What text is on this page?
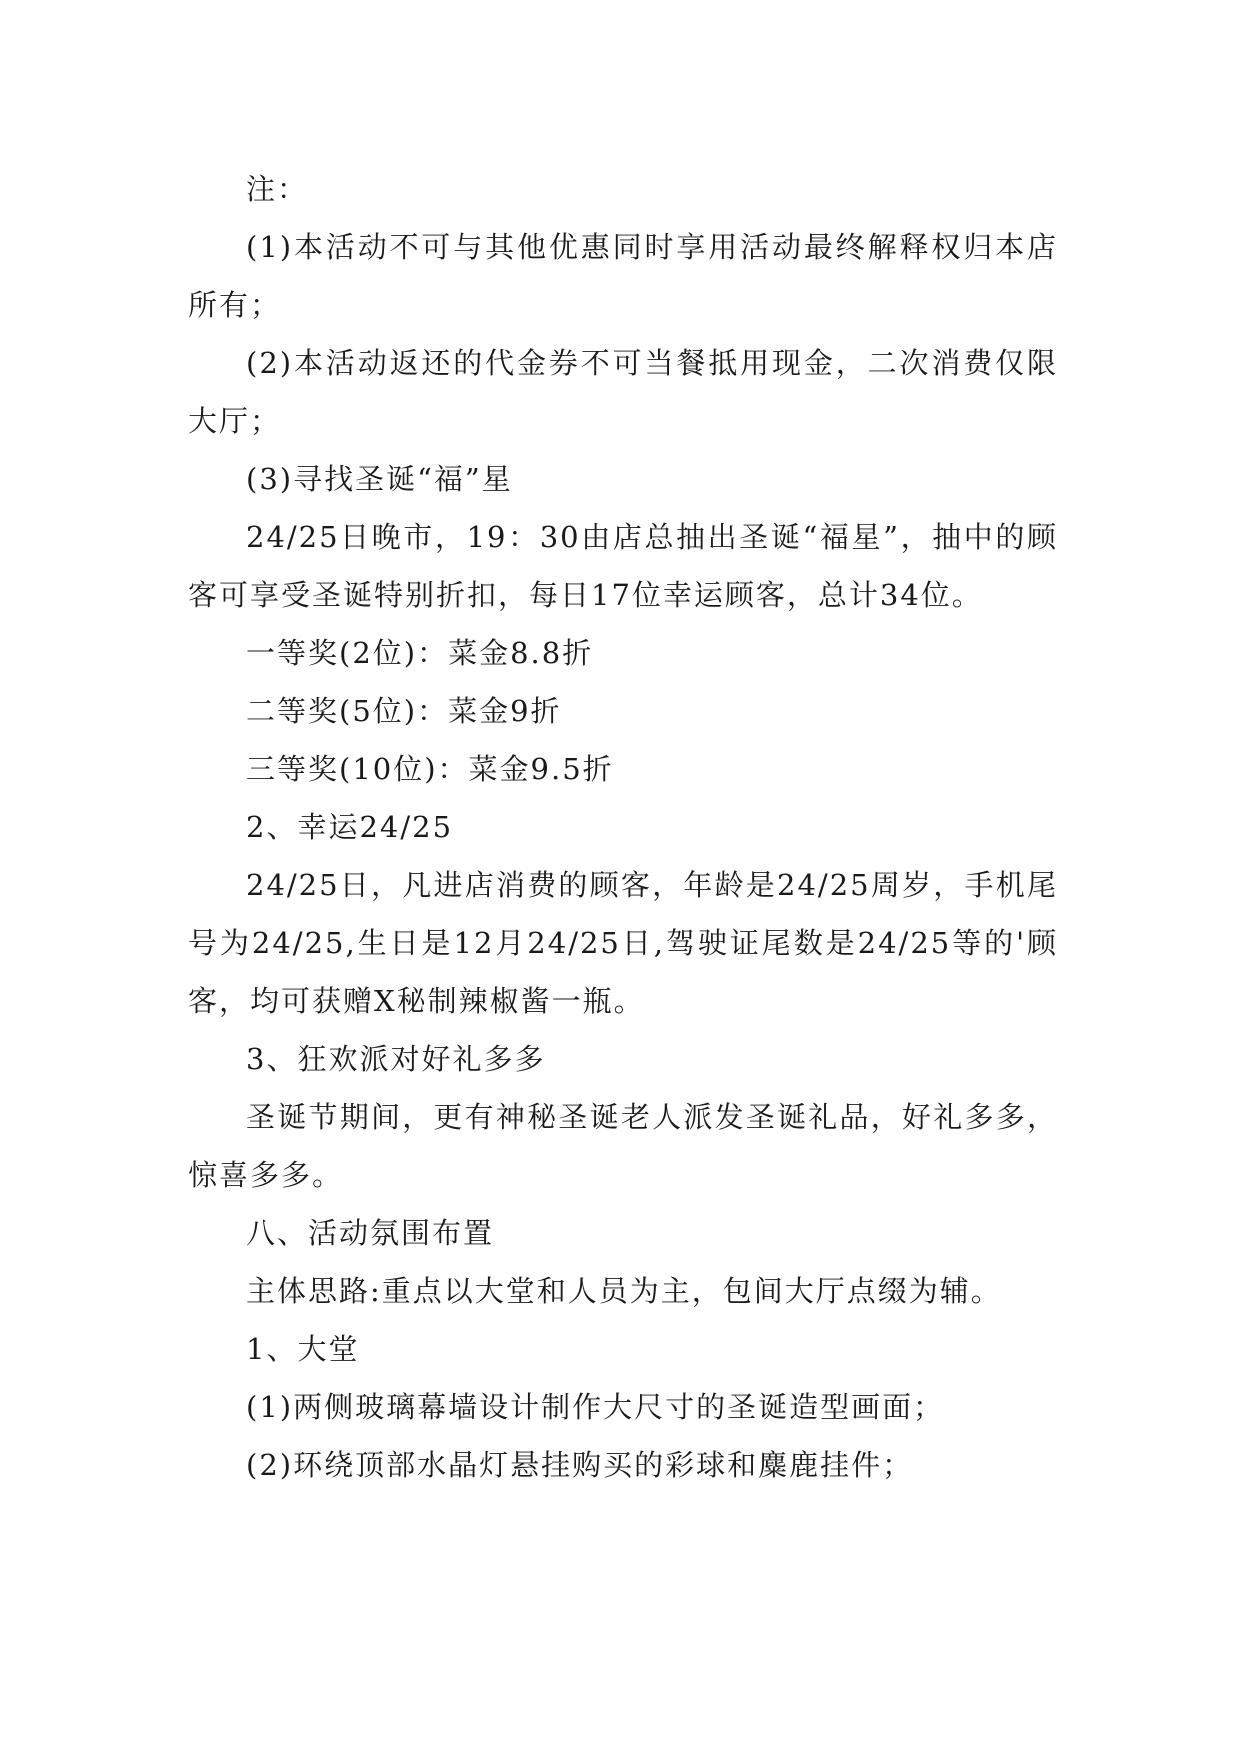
注：

(1)本活动不可与其他优惠同时享用活动最终解释权归本店所有；

(2)本活动返还的代金券不可当餐抵用现金，二次消费仅限大厅；

(3)寻找圣诞“福”星

24/25日晚市，19：30由店总抽出圣诞“福星”，抽中的顾客可享受圣诞特别折扣，每日17位幸运顾客，总计34位。

一等奖(2位)：菜金8.8折

二等奖(5位)：菜金9折

三等奖(10位)：菜金9.5折

2、幸运24/25

24/25日，凡进店消费的顾客，年龄是24/25周岁，手机尾号为24/25,生日是12月24/25日,驾驶证尾数是24/25等的'顾客，均可获赠X秘制辣椒酱一瓶。

3、狂欢派对好礼多多

圣诞节期间，更有神秘圣诞老人派发圣诞礼品，好礼多多，惊喜多多。

八、活动氛围布置

主体思路:重点以大堂和人员为主，包间大厅点缀为辅。

1、大堂

(1)两侧玻璃幕墙设计制作大尺寸的圣诞造型画面；

(2)环绕顶部水晶灯悬挂购买的彩球和麋鹿挂件；
